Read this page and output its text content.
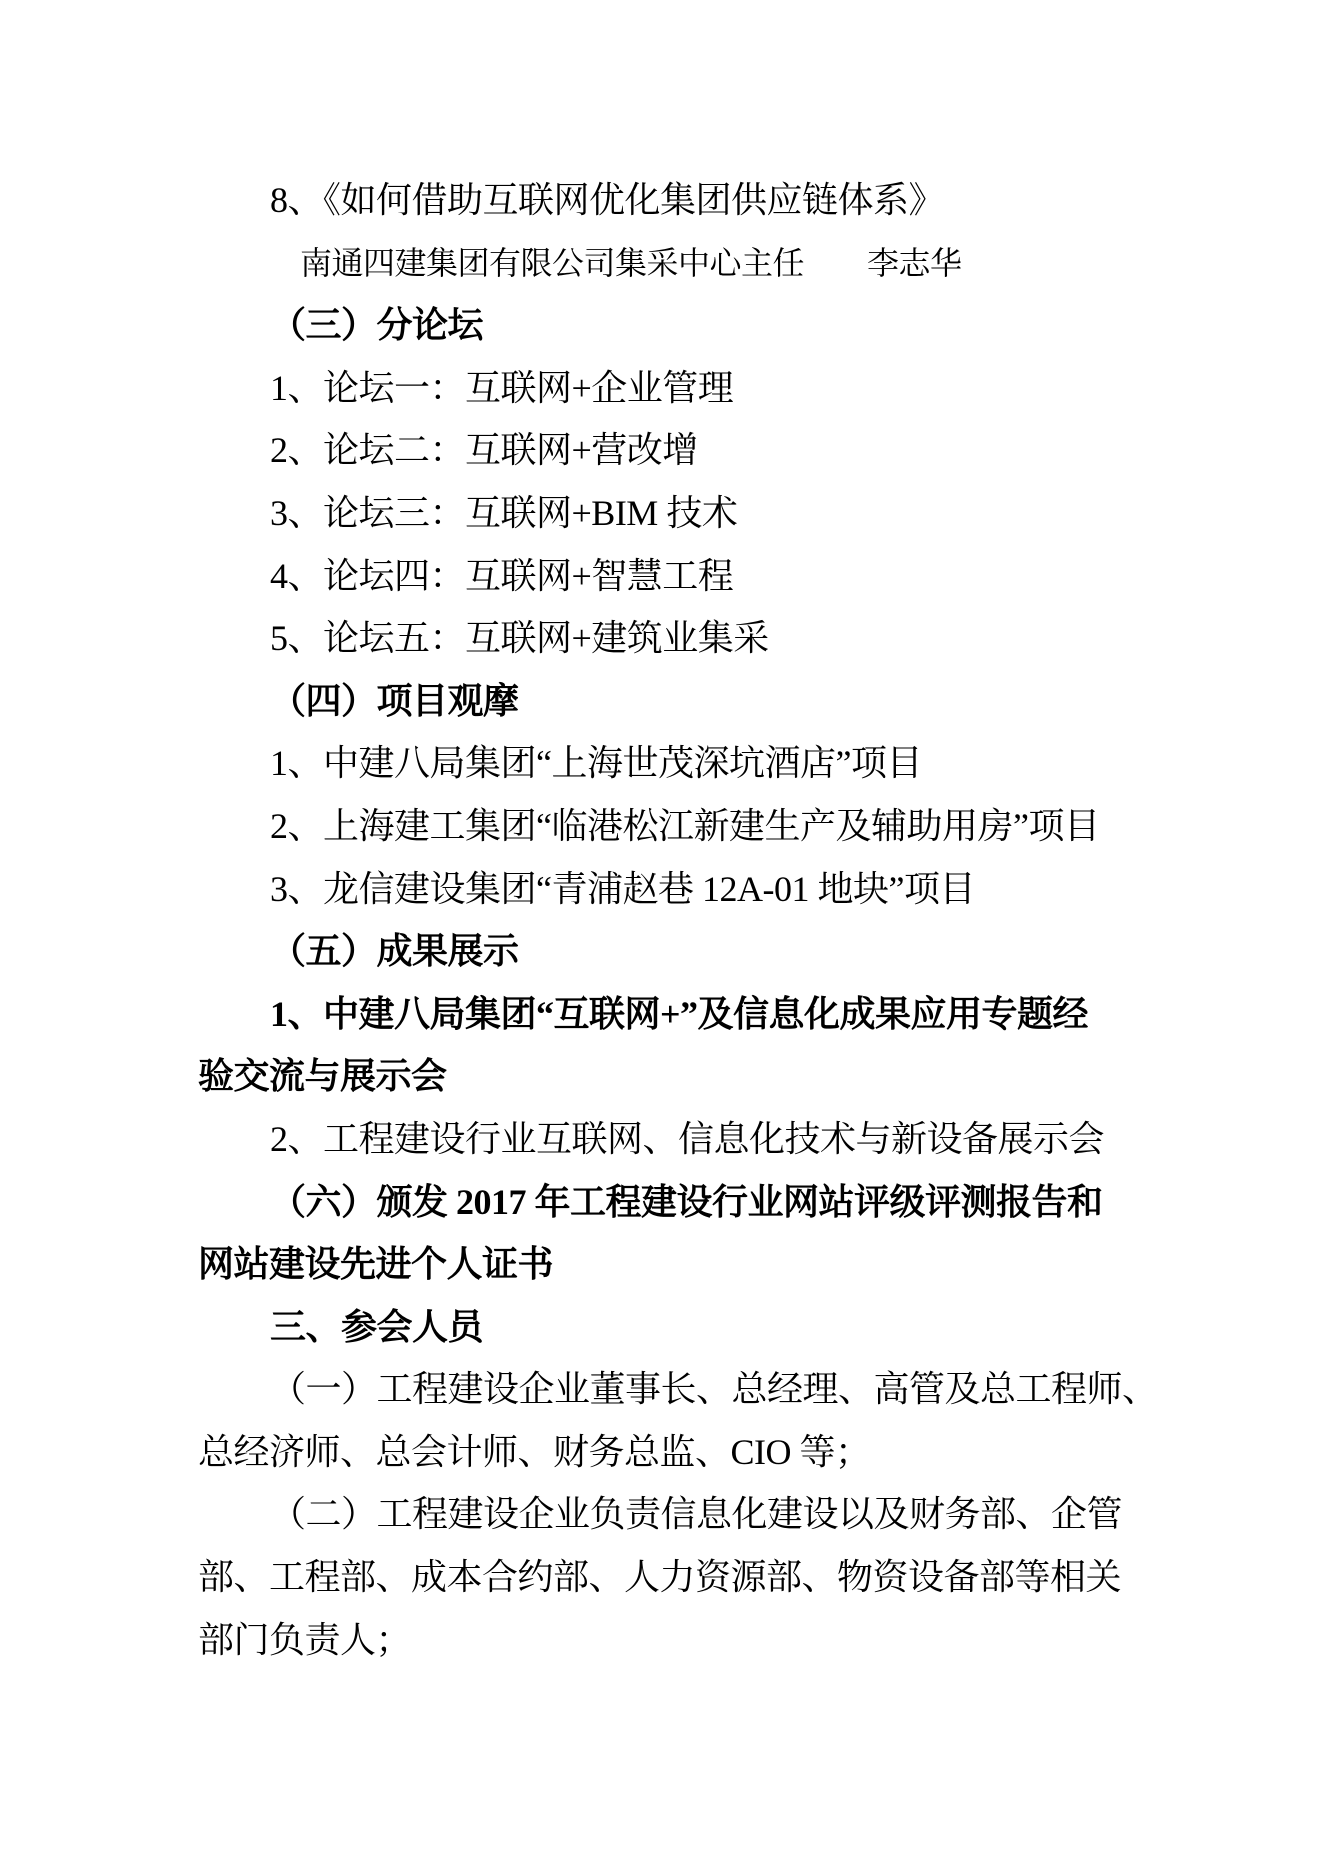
8、《如何借助互联网优化集团供应链体系》
南通四建集团有限公司集采中心主任　　李志华
（三）分论坛
1、论坛一：互联网+企业管理
2、论坛二：互联网+营改增
3、论坛三：互联网+BIM 技术
4、论坛四：互联网+智慧工程
5、论坛五：互联网+建筑业集采
（四）项目观摩
1、中建八局集团“上海世茂深坑酒店”项目
2、上海建工集团“临港松江新建生产及辅助用房”项目
3、龙信建设集团“青浦赵巷 12A-01 地块”项目
（五）成果展示
1、中建八局集团“互联网+”及信息化成果应用专题经
验交流与展示会
2、工程建设行业互联网、信息化技术与新设备展示会
（六）颁发 2017 年工程建设行业网站评级评测报告和
网站建设先进个人证书
三、参会人员
（一）工程建设企业董事长、总经理、高管及总工程师、
总经济师、总会计师、财务总监、CIO 等；
（二）工程建设企业负责信息化建设以及财务部、企管
部、工程部、成本合约部、人力资源部、物资设备部等相关
部门负责人；
